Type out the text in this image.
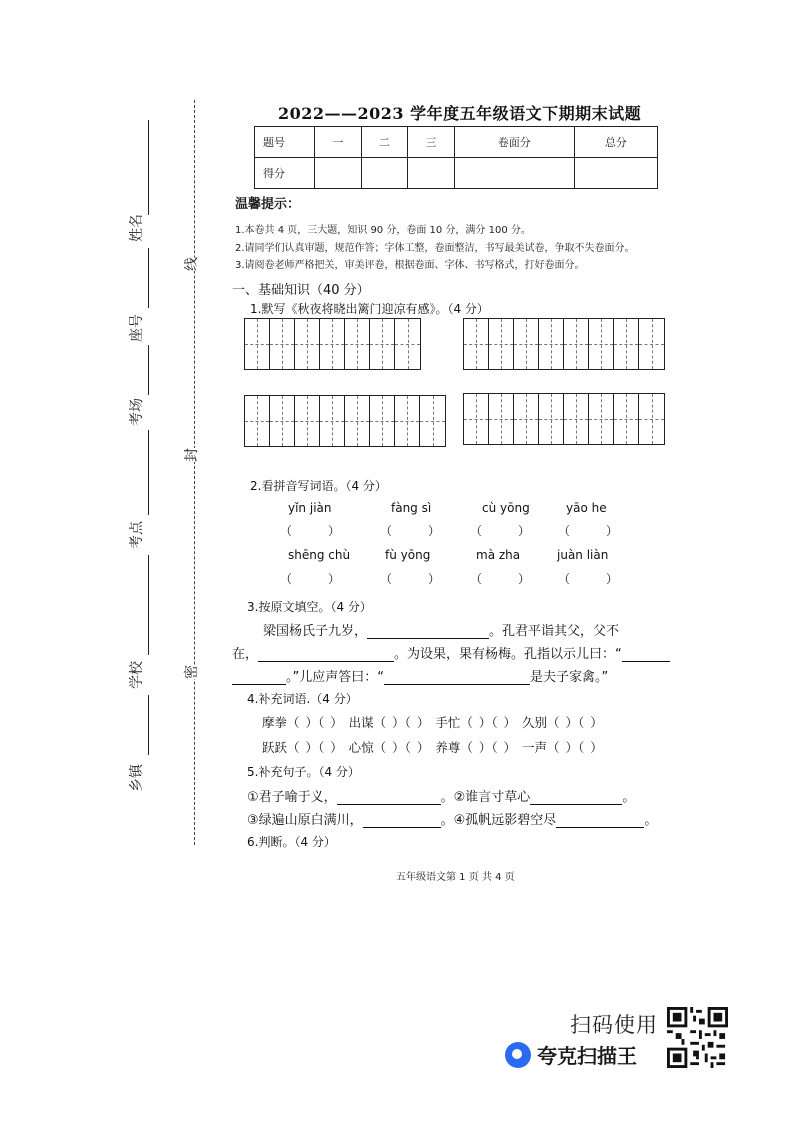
姓名
座号
考场
考点
学校
乡镇
线
封
密
2022——2023 学年度五年级语文下期期末试题
题号	一	二	三	卷面分	总分
得分					
温馨提示：
1.本卷共 4 页，三大题，知识 90 分，卷面 10 分，满分 100 分。
2.请同学们认真审题，规范作答；字体工整，卷面整洁，书写最美试卷，争取不失卷面分。
3.请阅卷老师严格把关，审美评卷，根据卷面、字体、书写格式，打好卷面分。
一、基础知识（40 分）
1.默写《秋夜将晓出篱门迎凉有感》。（4 分）
2.看拼音写词语。（4 分）
yǐn jiàn	fàng sì	cù yōng	yāo he
（　　　）	（　　　） （　　　） （　　　）
shēng chù	fù yōng	mà zha	juàn liàn
（　　　）	（　　　） （　　　） （　　　）
3.按原文填空。（4 分）
梁国杨氏子九岁，	。孔君平诣其父，父不
在，	。为设果，果有杨梅。孔指以示儿曰：“
。”儿应声答曰：“	是夫子家禽。”
4.补充词语.（4 分）
摩拳（ ）（ ） 出谋（ ）（ ） 手忙（ ）（ ） 久别（ ）（ ）
跃跃（ ）（ ） 心惊（ ）（ ） 养尊（ ）（ ） 一声（ ）（ ）
5.补充句子。（4 分）
①君子喻于义，	。②谁言寸草心	。
③绿遍山原白满川，	。④孤帆远影碧空尽	。
6.判断。（4 分）
五年级语文第 1 页 共 4 页
扫码使用
夸克扫描王
